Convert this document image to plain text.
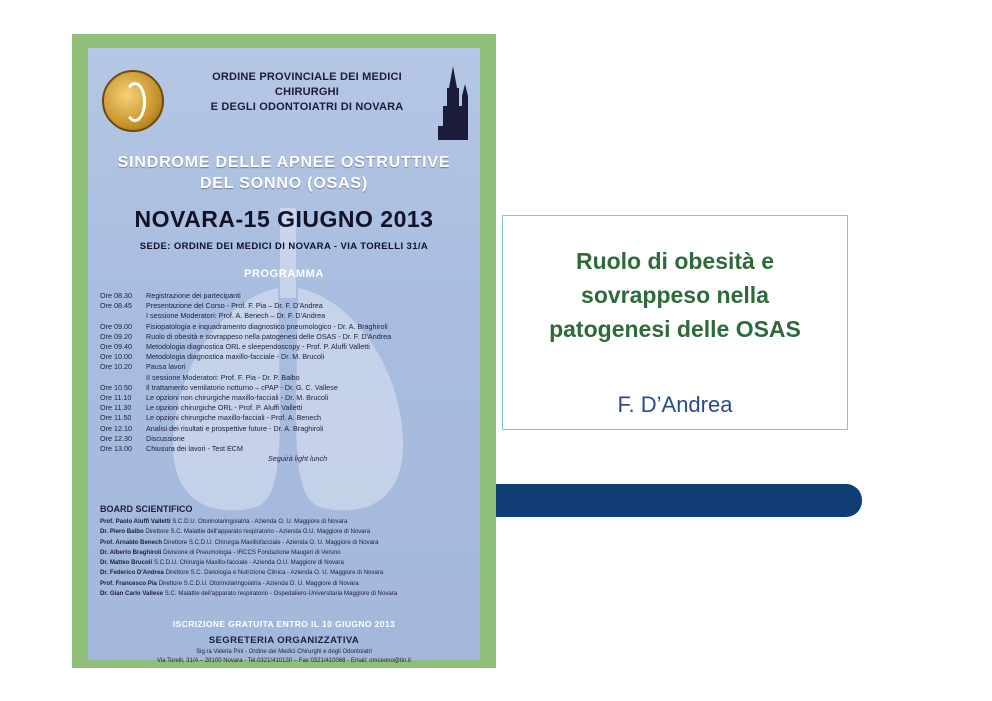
ORDINE PROVINCIALE DEI MEDICI CHIRURGHI
E DEGLI ODONTOIATRI DI NOVARA
SINDROME DELLE APNEE OSTRUTTIVE
DEL SONNO (OSAS)
NOVARA-15 GIUGNO 2013
SEDE: ORDINE DEI MEDICI DI NOVARA - VIA TORELLI 31/A
PROGRAMMA
Ore 08.30 Registrazione dei partecipanti
Ore 08.45 Presentazione del Corso - Prof. F. Pia – Dr. F. D'Andrea
I sessione Moderatori: Prof. A. Benech – Dr. F. D'Andrea
Ore 09.00 Fisiopatologia e inquadramento diagnostico pneumologico - Dr. A. Braghiroli
Ore 09.20 Ruolo di obesità e sovrappeso nella patogenesi delle OSAS - Dr. F. D'Andrea
Ore 09.40 Metodologia diagnostica ORL e sleependoscopy - Prof. P. Aluffi Valletti
Ore 10.00 Metodologia diagnostica maxillo-facciale - Dr. M. Brucoli
Ore 10.20 Pausa lavori
II sessione Moderatori: Prof. F. Pia - Dr. P. Balbo
Ore 10.50 Il trattamento ventilatorio notturno – cPAP - Dr. G. C. Vallese
Ore 11.10 Le opzioni non chirurgiche maxillo-facciali - Dr. M. Brucoli
Ore 11.30 Le opzioni chirurgiche ORL - Prof. P. Aluffi Valletti
Ore 11.50 Le opzioni chirurgiche maxillo-facciali - Prof. A. Benech
Ore 12.10 Analisi dei risultati e prospettive future - Dr. A. Braghiroli
Ore 12.30 Discussione
Ore 13.00 Chiusura dei lavori - Test ECM
Seguirà light lunch
BOARD SCIENTIFICO
Prof. Paolo Aluffi Valletti S.C.D.U. Otorinolaringoiatria - Azienda O. U. Maggiore di Novara
Dr. Piero Balbo Direttore S.C. Malattie dell'apparato respiratorio - Azienda O.U. Maggiore di Novara
Prof. Arnaldo Benech Direttore S.C.D.U. Chirurgia Maxillofacciale - Azienda O. U. Maggiore di Novara
Dr. Alberto Braghiroli Divisione di Pneumologia - IRCCS Fondazione Maugeri di Veruno
Dr. Matteo Brucoli S.C.D.U. Chirurgia Maxillo-facciale - Azienda O.U. Maggiore di Novara
Dr. Federico D'Andrea Direttore S.C. Dietologia e Nutrizione Clinica - Azienda O. U. Maggiore di Novara
Prof. Francesco Pia Direttore S.C.D.U. Otorinolaringoiatria - Azienda O. U. Maggiore di Novara
Dr. Gian Carlo Vallese S.C. Malattie dell'apparato respiratorio - Ospedaliero-Universitaria Maggiore di Novara
ISCRIZIONE GRATUITA ENTRO IL 10 GIUGNO 2013
SEGRETERIA ORGANIZZATIVA
Sig.ra Valeria Pini - Ordine dei Medici Chirurghi e degli Odontoiatri
Via Torelli, 31/A – 28100 Novara - Tel.0321/410130 – Fax 0321/410068 - Email: omceono@tin.it
Ruolo di obesità e
sovrappeso nella
patogenesi delle OSAS
F. D’Andrea
